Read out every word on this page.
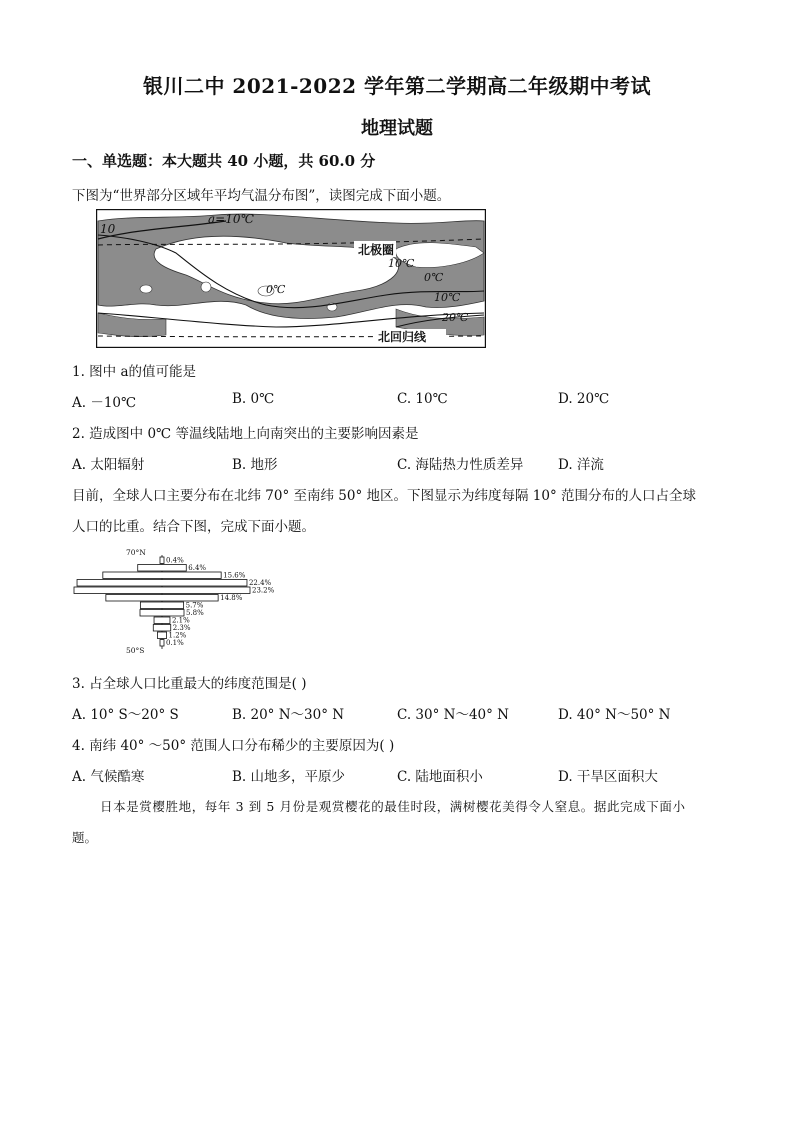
银川二中 2021-2022 学年第二学期高二年级期中考试
地理试题
一、单选题：本大题共 40 小题，共 60.0 分
下图为“世界部分区域年平均气温分布图”，读图完成下面小题。
a=10℃
10
北极圈
10℃
0℃
0℃
10℃
20℃
北回归线
1. 图中 a的值可能是
A. －10℃	B. 0℃	C. 10℃	D. 20℃
2. 造成图中 0℃ 等温线陆地上向南突出的主要影响因素是
A. 太阳辐射	B. 地形	C. 海陆热力性质差异	D. 洋流
目前，全球人口主要分布在北纬 70° 至南纬 50° 地区。下图显示为纬度每隔 10° 范围分布的人口占全球
人口的比重。结合下图，完成下面小题。
70°N
50°S
0.4%
6.4%
15.6%
22.4%
23.2%
14.8%
5.7%
5.8%
2.1%
2.3%
1.2%
0.1%
3. 占全球人口比重最大的纬度范围是( )
A. 10° S～20° S	B. 20° N～30° N	C. 30° N～40° N	D. 40° N～50° N
4. 南纬 40° ～50° 范围人口分布稀少的主要原因为( )
A. 气候酷寒	B. 山地多，平原少	C. 陆地面积小	D. 干旱区面积大
日本是赏樱胜地，每年 3 到 5 月份是观赏樱花的最佳时段，满树樱花美得令人窒息。据此完成下面小
题。
